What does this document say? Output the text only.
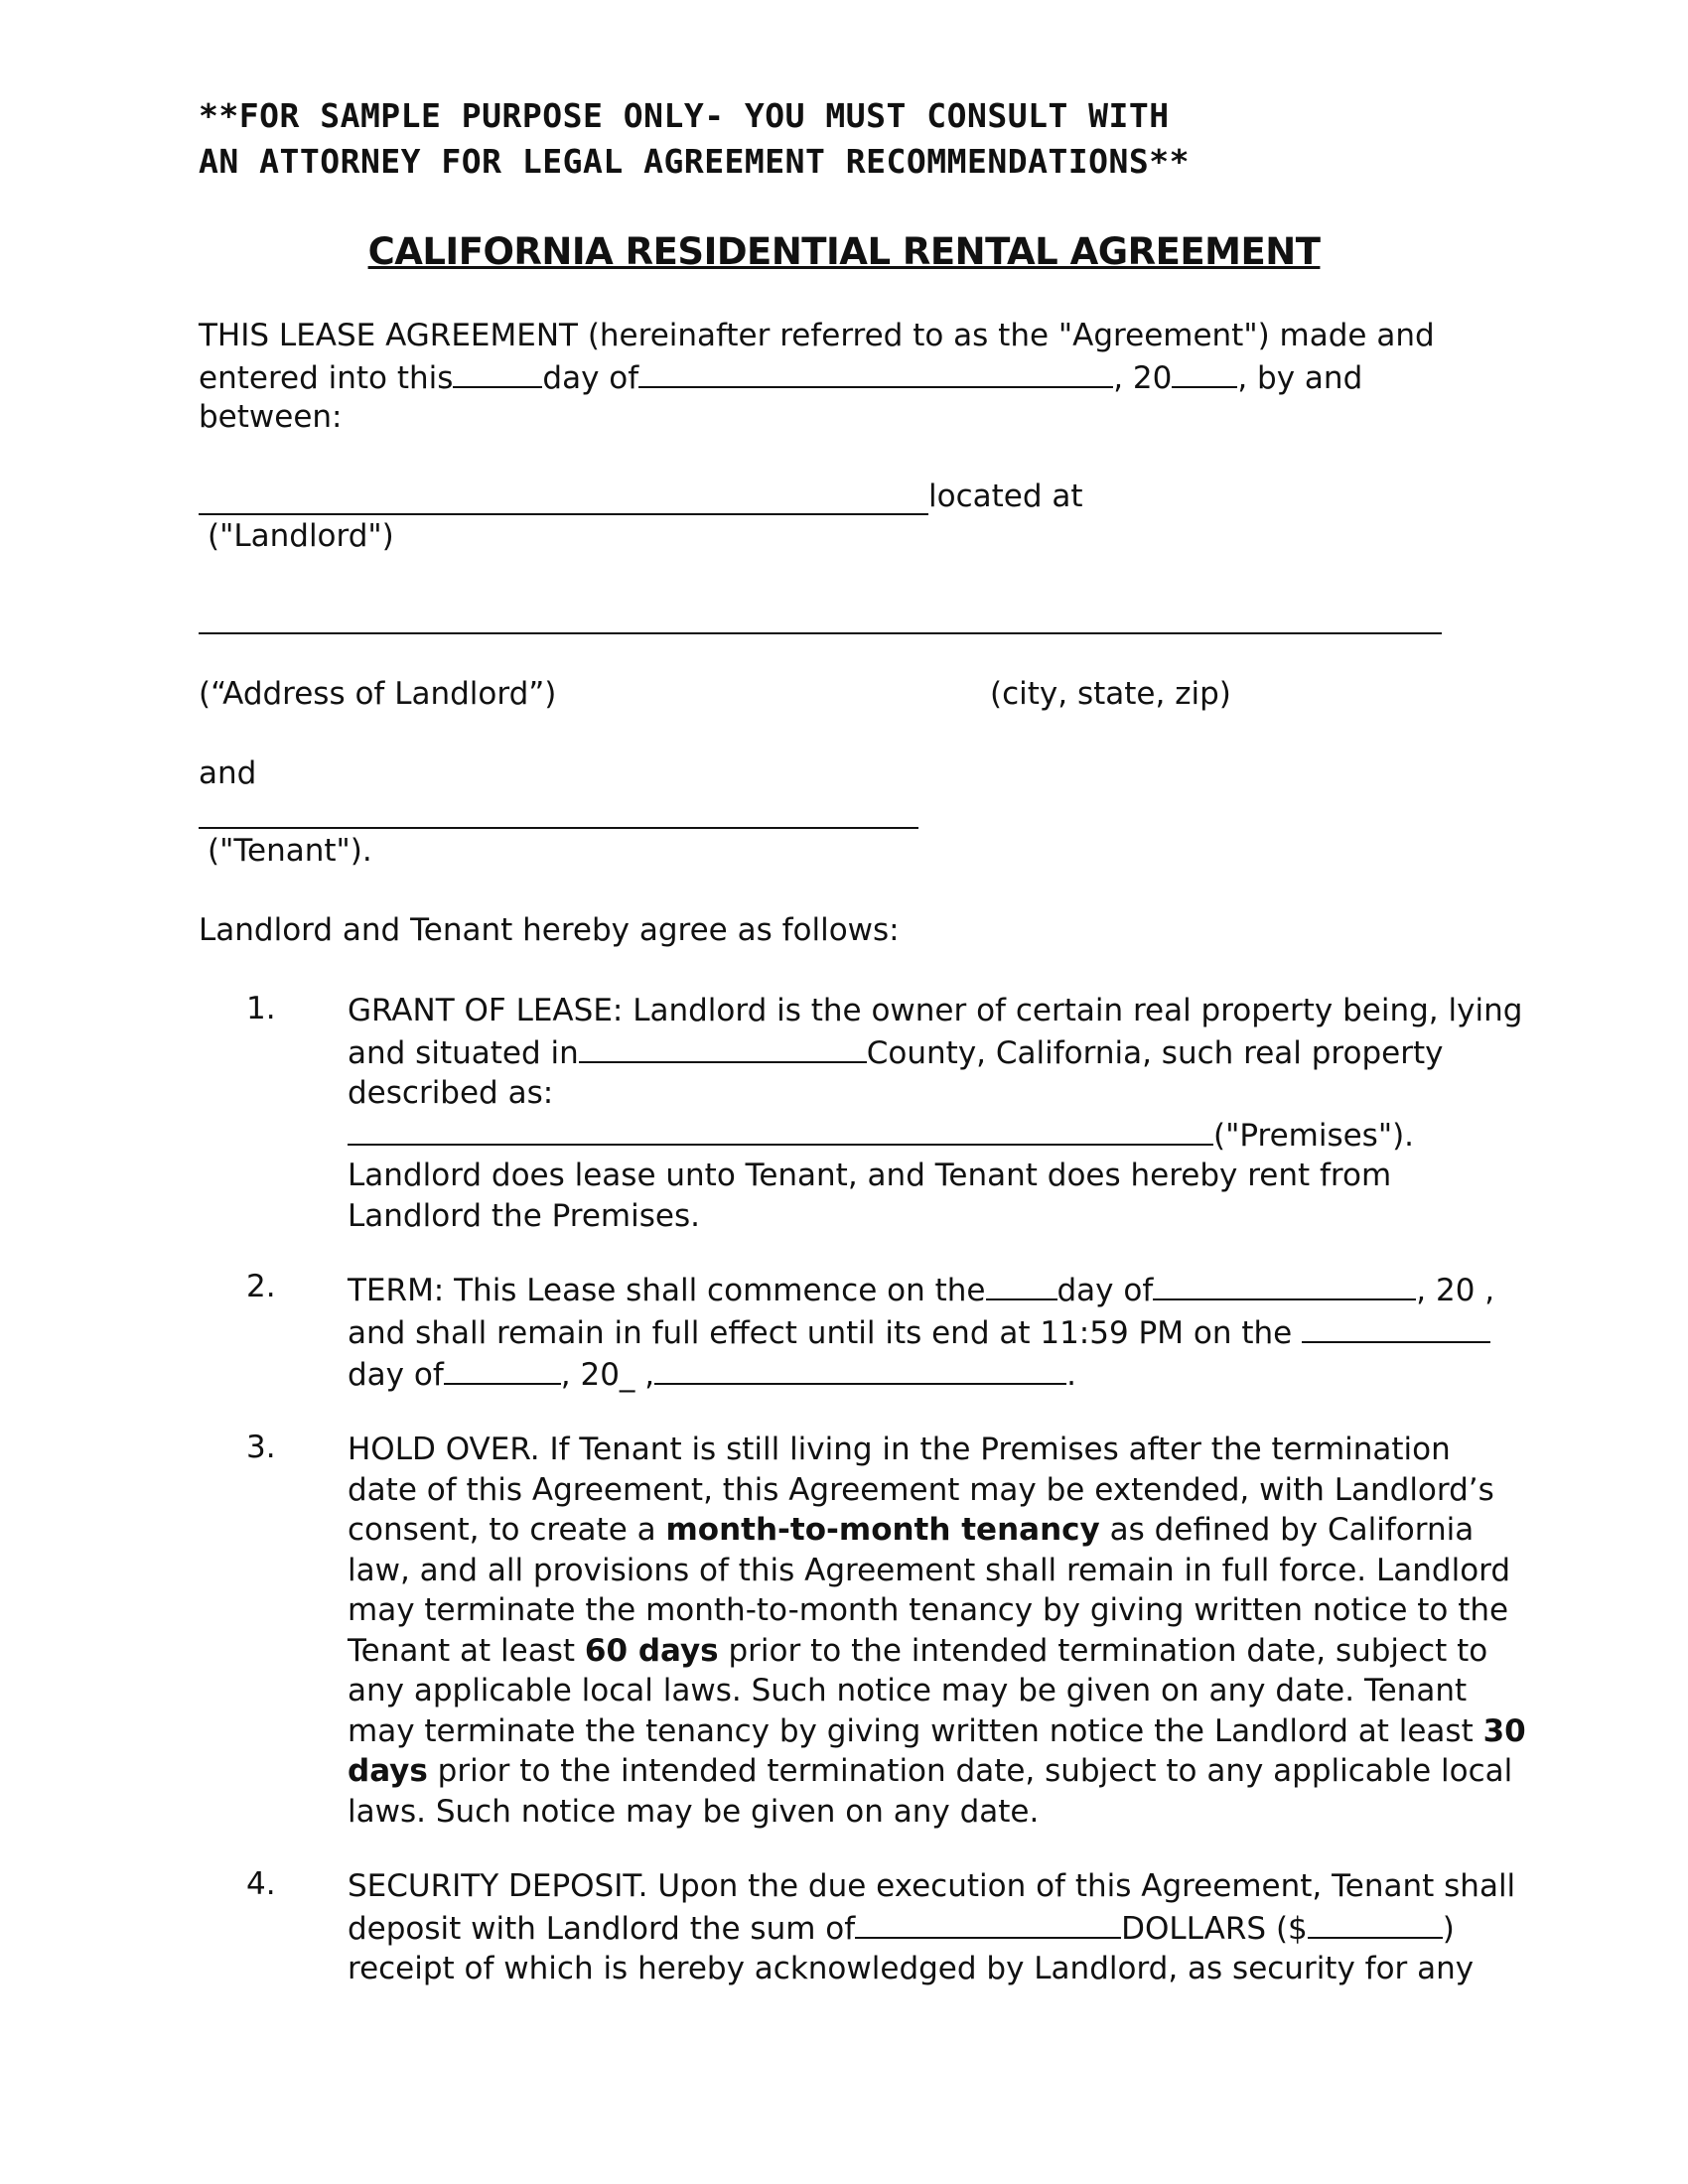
**FOR SAMPLE PURPOSE ONLY- YOU MUST CONSULT WITH
AN ATTORNEY FOR LEGAL AGREEMENT RECOMMENDATIONS**
CALIFORNIA RESIDENTIAL RENTAL AGREEMENT
THIS LEASE AGREEMENT (hereinafter referred to as the "Agreement") made and
entered into this	day of	, 20 , by and
between:
located at
("Landlord")
(“Address of Landlord”)	(city, state, zip)
and
("Tenant").
Landlord and Tenant hereby agree as follows:
1. GRANT OF LEASE: Landlord is the owner of certain real property being, lying
and situated in	County, California, such real property
described as:
("Premises").
Landlord does lease unto Tenant, and Tenant does hereby rent from
Landlord the Premises.
2. TERM: This Lease shall commence on the day of	, 20 ,
and shall remain in full effect until its end at 11:59 PM on the
day of	, 20_ ,	.
3. HOLD OVER. If Tenant is still living in the Premises after the termination
date of this Agreement, this Agreement may be extended, with Landlord’s
consent, to create a month-to-month tenancy as defined by California
law, and all provisions of this Agreement shall remain in full force. Landlord
may terminate the month-to-month tenancy by giving written notice to the
Tenant at least 60 days prior to the intended termination date, subject to
any applicable local laws. Such notice may be given on any date. Tenant
may terminate the tenancy by giving written notice the Landlord at least 30
days prior to the intended termination date, subject to any applicable local
laws. Such notice may be given on any date.
4. SECURITY DEPOSIT. Upon the due execution of this Agreement, Tenant shall
deposit with Landlord the sum of	DOLLARS ($	)
receipt of which is hereby acknowledged by Landlord, as security for any
